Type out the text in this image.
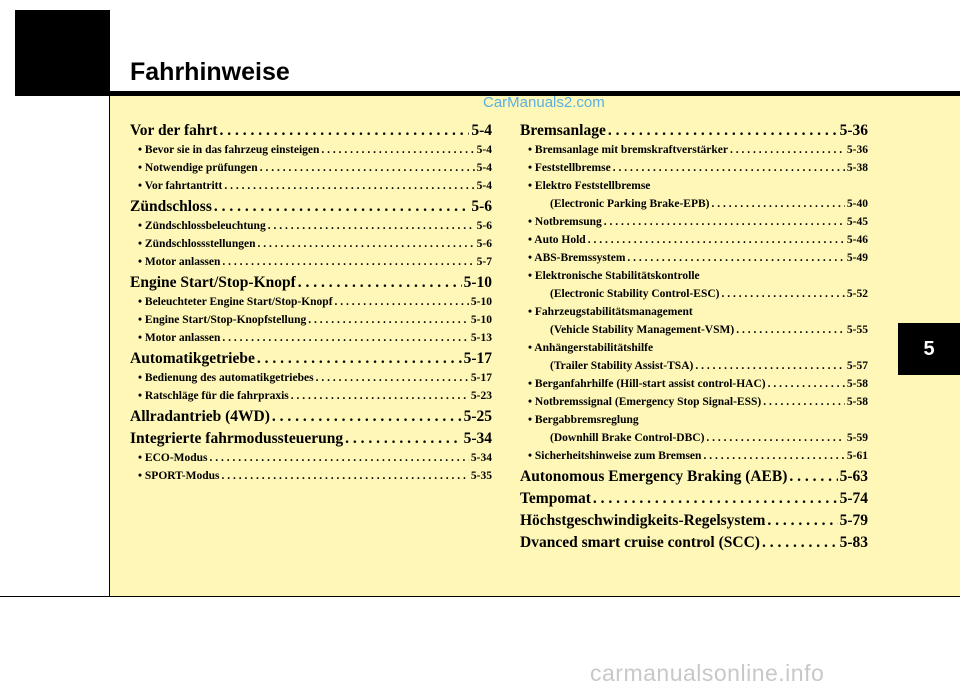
Fahrhinweise
CarManuals2.com
5
Vor der fahrt . . .	5-4
• Bevor sie in das fahrzeug einsteigen . . .	5-4
• Notwendige prüfungen . . .	5-4
• Vor fahrtantritt . . .	5-4
Zündschloss . . .	5-6
• Zündschlossbeleuchtung . . .	5-6
• Zündschlossstellungen . . .	5-6
• Motor anlassen . . .	5-7
Engine Start/Stop-Knopf . . .	5-10
• Beleuchteter Engine Start/Stop-Knopf . . .	5-10
• Engine Start/Stop-Knopfstellung . . .	5-10
• Motor anlassen . . .	5-13
Automatikgetriebe . . .	5-17
• Bedienung des automatikgetriebes . . .	5-17
• Ratschläge für die fahrpraxis . . .	5-23
Allradantrieb (4WD) . . .	5-25
Integrierte fahrmodussteuerung . . .	5-34
• ECO-Modus . . .	5-34
• SPORT-Modus . . .	5-35
Bremsanlage . . .	5-36
• Bremsanlage mit bremskraftverstärker . . .	5-36
• Feststellbremse . . .	5-38
• Elektro Feststellbremse
(Electronic Parking Brake-EPB) . . .	5-40
• Notbremsung . . .	5-45
• Auto Hold . . .	5-46
• ABS-Bremssystem . . .	5-49
• Elektronische Stabilitätskontrolle
(Electronic Stability Control-ESC) . . .	5-52
• Fahrzeugstabilitätsmanagement
(Vehicle Stability Management-VSM) . . .	5-55
• Anhängerstabilitätshilfe
(Trailer Stability Assist-TSA) . . .	5-57
• Berganfahrhilfe (Hill-start assist control-HAC) . . .	5-58
• Notbremssignal (Emergency Stop Signal-ESS) . . .	5-58
• Bergabbremsreglung
(Downhill Brake Control-DBC) . . .	5-59
• Sicherheitshinweise zum Bremsen . . .	5-61
Autonomous Emergency Braking (AEB) . . .	5-63
Tempomat . . .	5-74
Höchstgeschwindigkeits-Regelsystem . . .	5-79
Dvanced smart cruise control (SCC) . . .	5-83
carmanualsonline.info
